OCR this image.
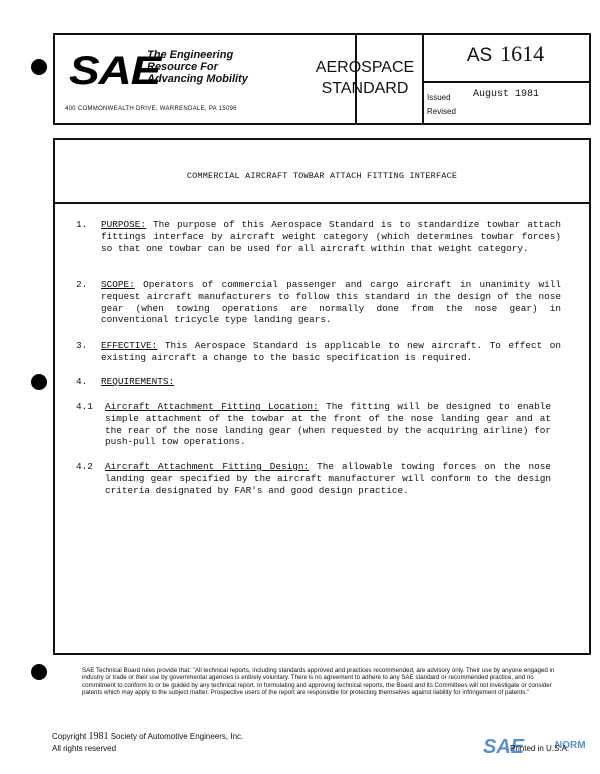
SAE
The Engineering
Resource For
Advancing Mobility
400 COMMONWEALTH DRIVE, WARRENDALE, PA 15096
AEROSPACE
STANDARD
AS 1614
Issued
Revised
August 1981
COMMERCIAL AIRCRAFT TOWBAR ATTACH FITTING INTERFACE
1. PURPOSE: The purpose of this Aerospace Standard is to standardize towbar attach fittings interface by aircraft weight category (which determines towbar forces) so that one towbar can be used for all aircraft within that weight category.
2. SCOPE: Operators of commercial passenger and cargo aircraft in unanimity will request aircraft manufacturers to follow this standard in the design of the nose gear (when towing operations are normally done from the nose gear) in conventional tricycle type landing gears.
3. EFFECTIVE: This Aerospace Standard is applicable to new aircraft. To effect on existing aircraft a change to the basic specification is required.
4. REQUIREMENTS:
4.1 Aircraft Attachment Fitting Location: The fitting will be designed to enable simple attachment of the towbar at the front of the nose landing gear and at the rear of the nose landing gear (when requested by the acquiring airline) for push-pull tow operations.
4.2 Aircraft Attachment Fitting Design: The allowable towing forces on the nose landing gear specified by the aircraft manufacturer will conform to the design criteria designated by FAR's and good design practice.
SAE Technical Board rules provide that: "All technical reports, including standards approved and practices recommended, are advisory only. Their use by anyone engaged in industry or trade or their use by governmental agencies is entirely voluntary. There is no agreement to adhere to any SAE standard or recommended practice, and no commitment to conform to or be guided by any technical report. In formulating and approving technical reports, the Board and its Committees will not investigate or consider patents which may apply to the subject matter. Prospective users of the report are responsible for protecting themselves against liability for infringement of patents."
Copyright 1981 Society of Automotive Engineers, Inc.
All rights reserved	SAE	NORM
Printed in U.S.A.
